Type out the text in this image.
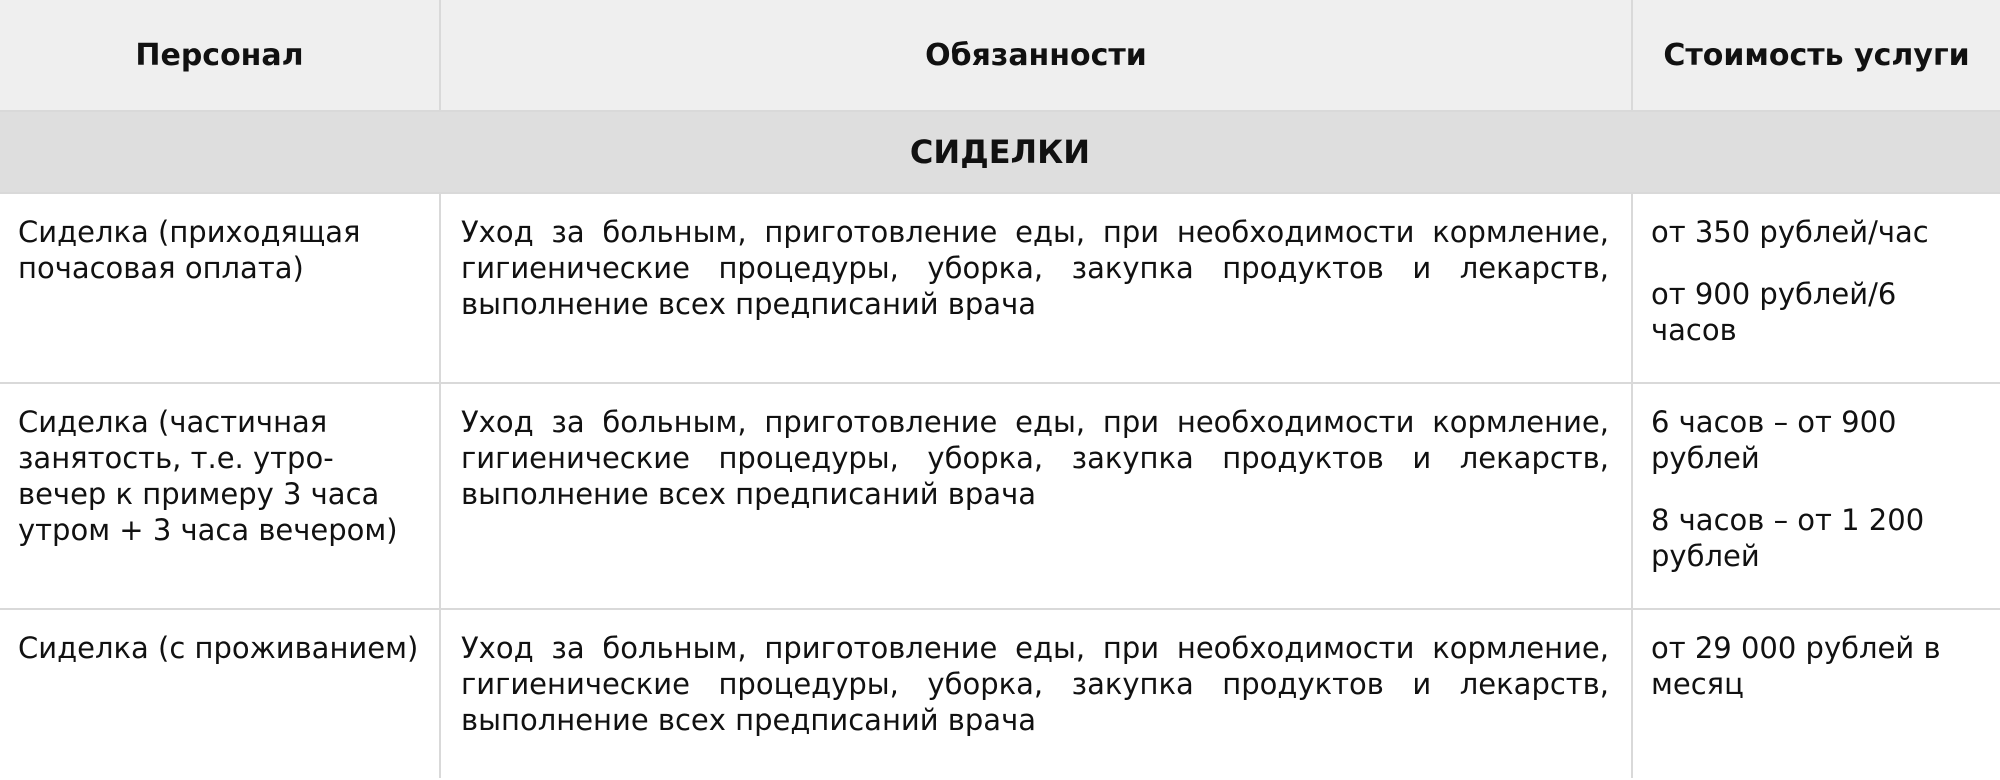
Персонал	Обязанности	Стоимость услуги
СИДЕЛКИ		
Сиделка (приходящая почасовая оплата)	Уход за больным, приготовление еды, при необходимости кормление, гигиенические процедуры, уборка, закупка продуктов и лекарств, выполнение всех предписаний врача	от 350 рублей/час

от 900 рублей/6 часов

Сиделка (частичная занятость, т.е. утро-вечер к примеру 3 часа утром + 3 часа вечером)	Уход за больным, приготовление еды, при необходимости кормление, гигиенические процедуры, уборка, закупка продуктов и лекарств, выполнение всех предписаний врача	6 часов – от 900 рублей

8 часов – от 1 200 рублей

Сиделка (с проживанием)	Уход за больным, приготовление еды, при необходимости кормление, гигиенические процедуры, уборка, закупка продуктов и лекарств, выполнение всех предписаний врача	от 29 000 рублей в месяц
